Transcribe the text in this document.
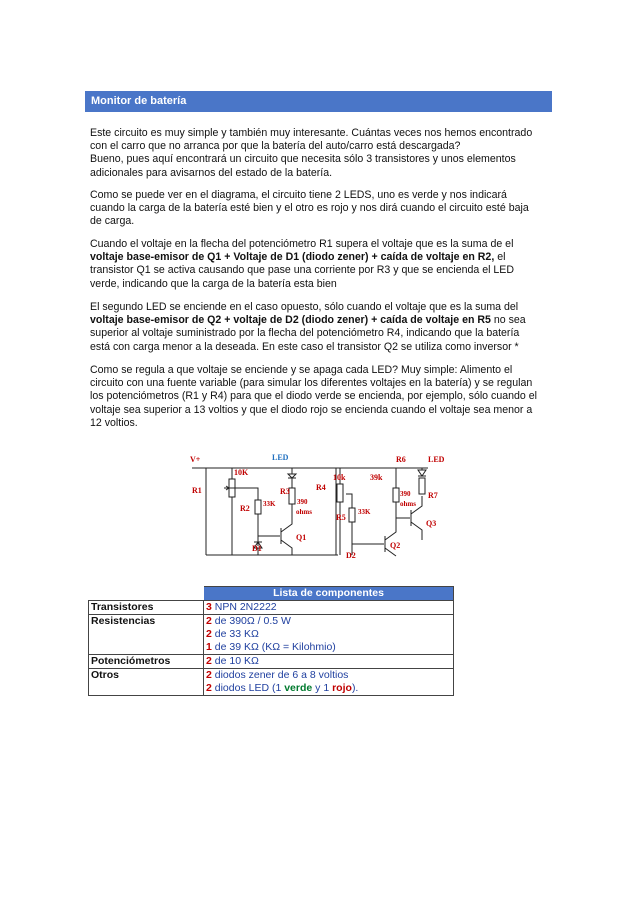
Monitor de batería

Este circuito es muy simple y también muy interesante. Cuántas veces nos hemos encontrado
con el carro que no arranca por que la batería del auto/carro está descargada?
Bueno, pues aquí encontrará un circuito que necesita sólo 3 transistores y unos elementos
adicionales para avisarnos del estado de la batería.

Como se puede ver en el diagrama, el circuito tiene 2 LEDS, uno es verde y nos indicará
cuando la carga de la batería esté bien y el otro es rojo y nos dirá cuando el circuito esté baja
de carga.

Cuando el voltaje en la flecha del potenciómetro R1 supera el voltaje que es la suma de el
voltaje base-emisor de Q1 + Voltaje de D1 (diodo zener) + caída de voltaje en R2, el
transistor Q1 se activa causando que pase una corriente por R3 y que se encienda el LED
verde, indicando que la carga de la batería esta bien

El segundo LED se enciende en el caso opuesto, sólo cuando el voltaje que es la suma del
voltaje base-emisor de Q2 + voltaje de D2 (diodo zener) + caída de voltaje en R5 no sea
superior al voltaje suministrado por la flecha del potenciómetro R4, indicando que la batería
está con carga menor a la deseada. En este caso el transistor Q2 se utiliza como inversor *

Como se regula a que voltaje se enciende y se apaga cada LED? Muy simple: Alimento el
circuito con una fuente variable (para simular los diferentes voltajes en la batería) y se regulan
los potenciómetros (R1 y R4) para que el diodo verde se encienda, por ejemplo, sólo cuando el
voltaje sea superior a 13 voltios y que el diodo rojo se encienda cuando el voltaje sea menor a
12 voltios.

V+
R1
10K
R2 33K
R3
390
ohms
LED
Q1
D1
R4
10k
R5
33K
R6
39k
R7
390
ohms
LED
Q2
Q3
D2
	Lista de componentes
Transistores	3 NPN 2N2222
Resistencias	2 de 390Ω / 0.5 W
2 de 33 KΩ
1 de 39 KΩ (KΩ = Kilohmio)
Potenciómetros	2 de 10 KΩ
Otros	2 diodos zener de 6 a 8 voltios
2 diodos LED (1 verde y 1 rojo).
